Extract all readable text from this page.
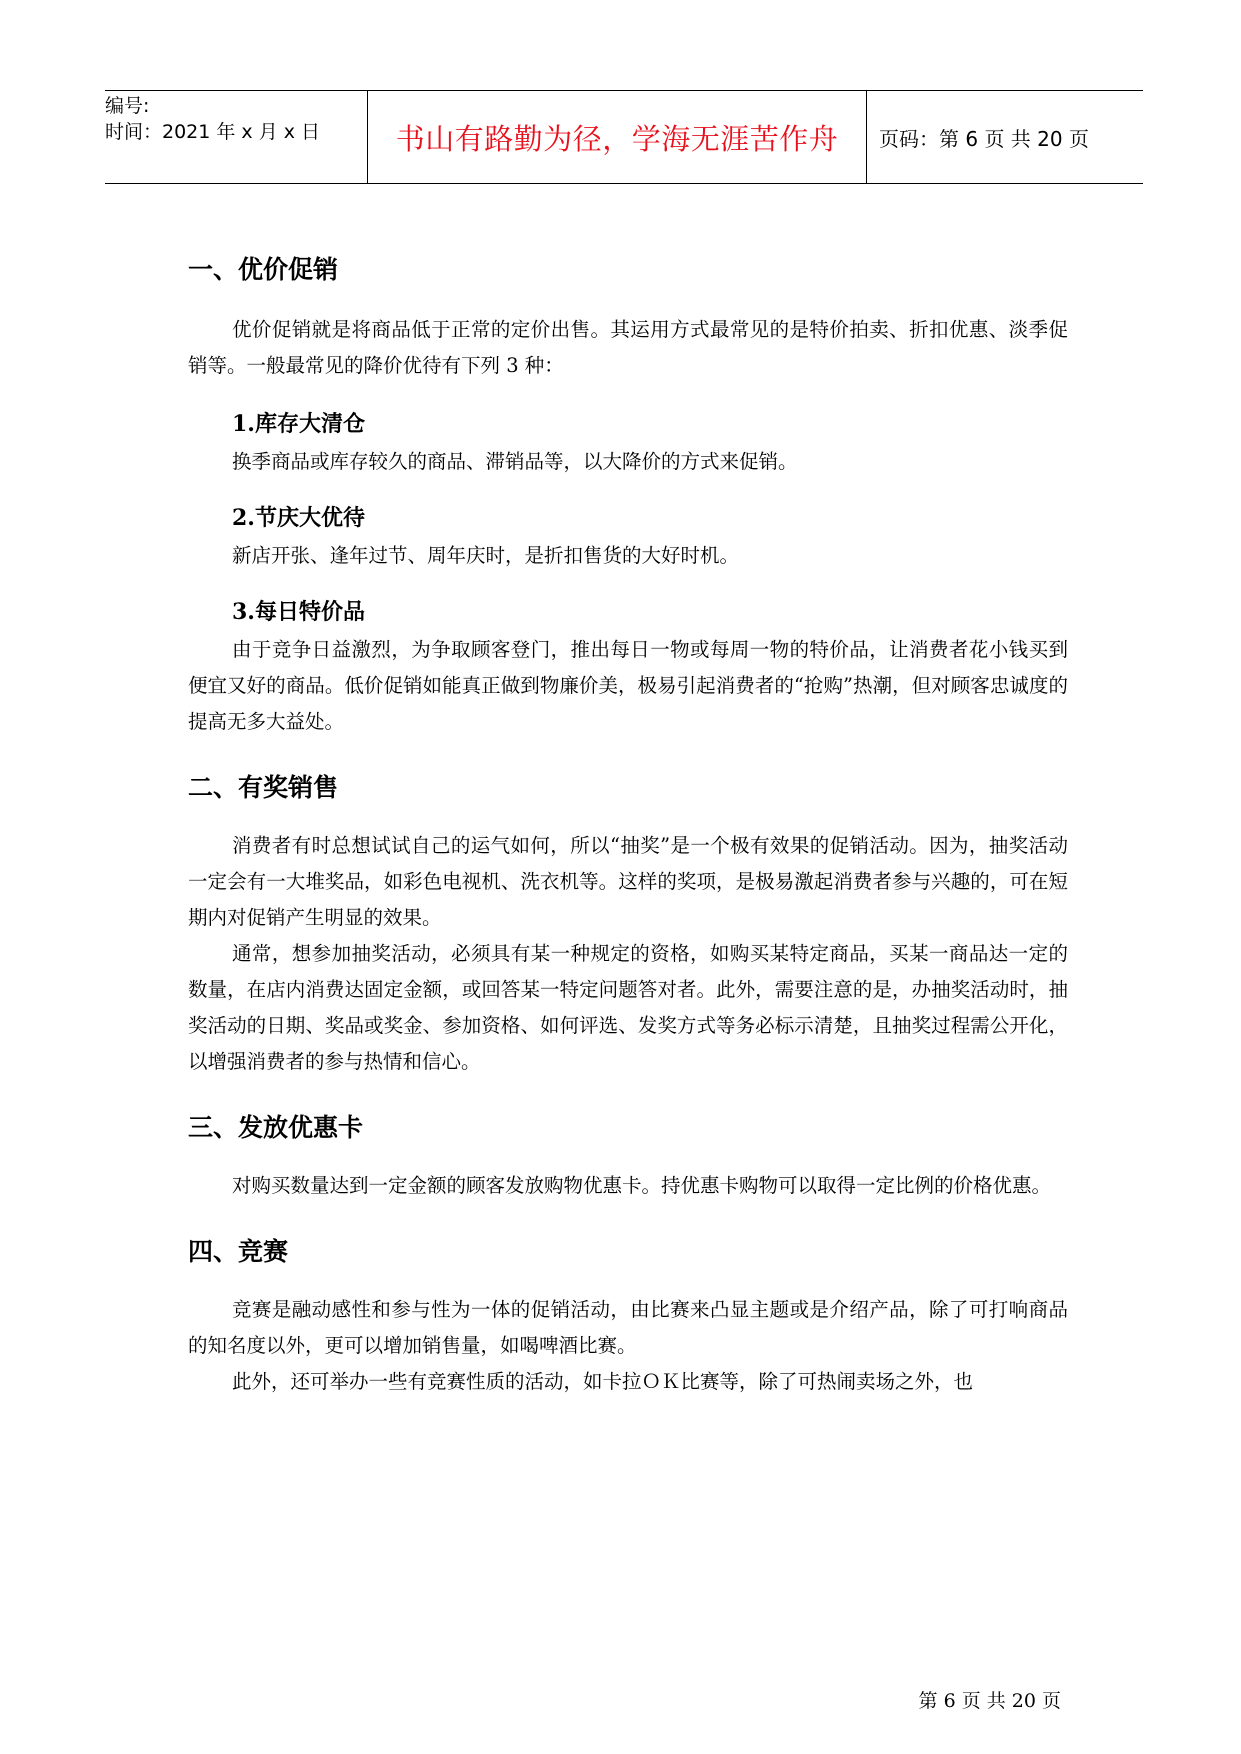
编号:
时间：2021 年 x 月 x 日	书山有路勤为径，学海无涯苦作舟	页码：第 6 页 共 20 页
一、优价促销

优价促销就是将商品低于正常的定价出售。其运用方式最常见的是特价拍卖、折扣优惠、淡季促销等。一般最常见的降价优待有下列 3 种：

1.库存大清仓

换季商品或库存较久的商品、滞销品等，以大降价的方式来促销。

2.节庆大优待

新店开张、逢年过节、周年庆时，是折扣售货的大好时机。

3.每日特价品

由于竞争日益激烈，为争取顾客登门，推出每日一物或每周一物的特价品，让消费者花小钱买到便宜又好的商品。低价促销如能真正做到物廉价美，极易引起消费者的“抢购”热潮，但对顾客忠诚度的提高无多大益处。

二、有奖销售

消费者有时总想试试自己的运气如何，所以“抽奖”是一个极有效果的促销活动。因为，抽奖活动一定会有一大堆奖品，如彩色电视机、洗衣机等。这样的奖项，是极易激起消费者参与兴趣的，可在短期内对促销产生明显的效果。

通常，想参加抽奖活动，必须具有某一种规定的资格，如购买某特定商品，买某一商品达一定的数量，在店内消费达固定金额，或回答某一特定问题答对者。此外，需要注意的是，办抽奖活动时，抽奖活动的日期、奖品或奖金、参加资格、如何评选、发奖方式等务必标示清楚，且抽奖过程需公开化，以增强消费者的参与热情和信心。

三、发放优惠卡

对购买数量达到一定金额的顾客发放购物优惠卡。持优惠卡购物可以取得一定比例的价格优惠。

四、竞赛

竞赛是融动感性和参与性为一体的促销活动，由比赛来凸显主题或是介绍产品，除了可打响商品的知名度以外，更可以增加销售量，如喝啤酒比赛。

此外，还可举办一些有竞赛性质的活动，如卡拉ＯＫ比赛等，除了可热闹卖场之外，也

第 6 页 共 20 页
